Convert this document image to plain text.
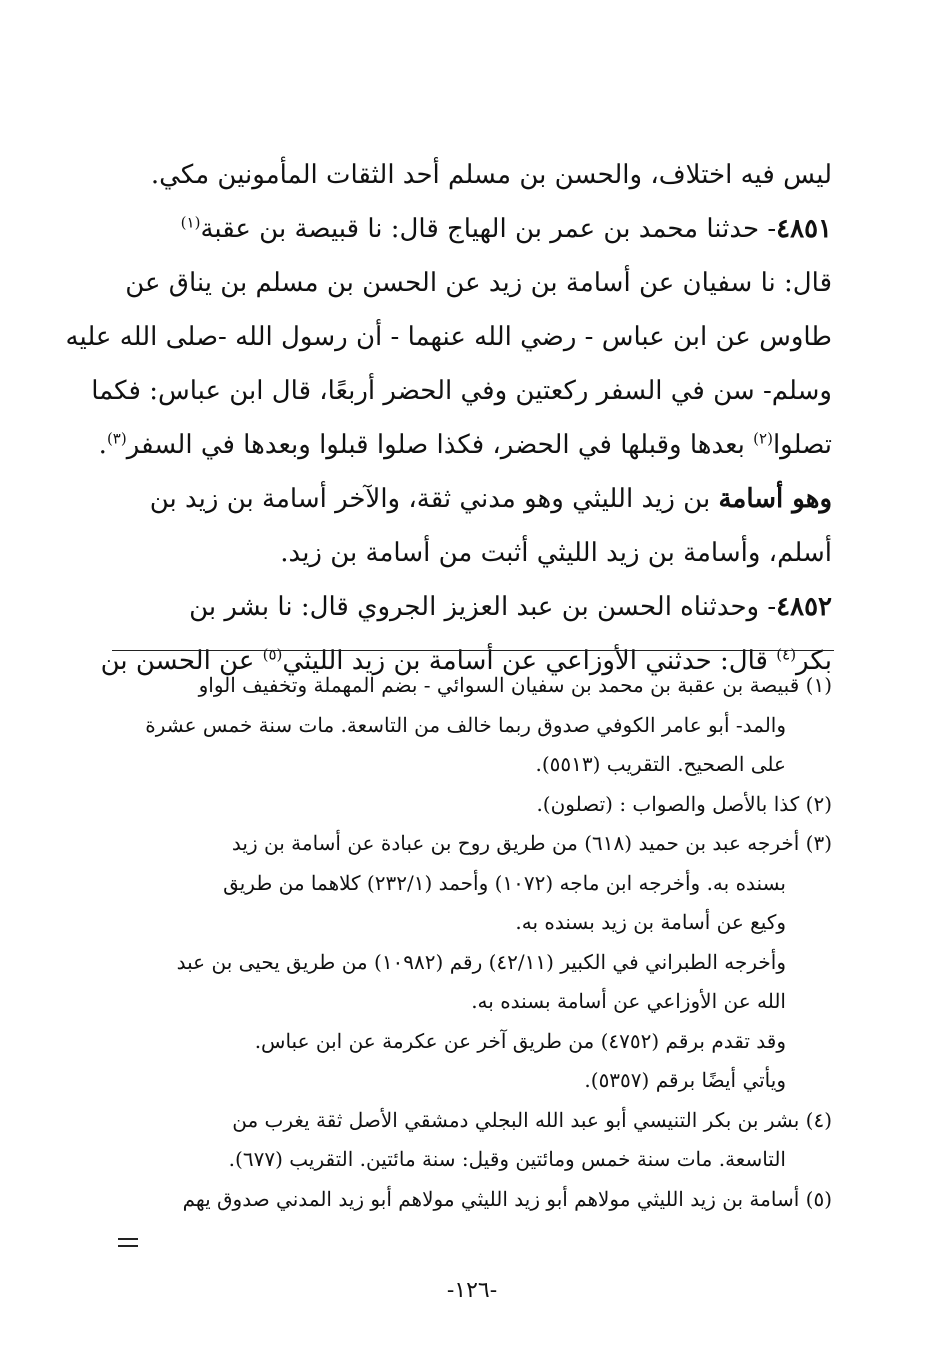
ليس فيه اختلاف، والحسن بن مسلم أحد الثقات المأمونين مكي.
٤٨٥١- حدثنا محمد بن عمر بن الهياج قال: نا قبيصة بن عقبة$^{(١)}$
قال: نا سفيان عن أسامة بن زيد عن الحسن بن مسلم بن يناق عن
طاوس عن ابن عباس - رضي الله عنهما - أن رسول الله -صلى الله عليه
وسلم- سن في السفر ركعتين وفي الحضر أربعًا، قال ابن عباس: فكما
تصلوا$^{(٢)}$ بعدها وقبلها في الحضر، فكذا صلوا قبلوا وبعدها في السفر$^{(٣)}$.
وهو أسامة بن زيد الليثي وهو مدني ثقة، والآخر أسامة بن زيد بن
أسلم، وأسامة بن زيد الليثي أثبت من أسامة بن زيد.
٤٨٥٢- وحدثناه الحسن بن عبد العزيز الجروي قال: نا بشر بن
بكر$^{(٤)}$ قال: حدثني الأوزاعي عن أسامة بن زيد الليثي$^{(٥)}$ عن الحسن بن
(١) قبيصة بن عقبة بن محمد بن سفيان السوائي - بضم المهملة وتخفيف الواو
والمد- أبو عامر الكوفي صدوق ربما خالف من التاسعة. مات سنة خمس عشرة
على الصحيح. التقريب (٥٥١٣).
(٢) كذا بالأصل والصواب : (تصلون).
(٣) أخرجه عبد بن حميد (٦١٨) من طريق روح بن عبادة عن أسامة بن زيد
بسنده به. وأخرجه ابن ماجه (١٠٧٢) وأحمد (٢٣٢/١) كلاهما من طريق
وكيع عن أسامة بن زيد بسنده به.
وأخرجه الطبراني في الكبير (٤٢/١١) رقم (١٠٩٨٢) من طريق يحيى بن عبد
الله عن الأوزاعي عن أسامة بسنده به.
وقد تقدم برقم (٤٧٥٢) من طريق آخر عن عكرمة عن ابن عباس.
ويأتي أيضًا برقم (٥٣٥٧).
(٤) بشر بن بكر التنيسي أبو عبد الله البجلي دمشقي الأصل ثقة يغرب من
التاسعة. مات سنة خمس ومائتين وقيل: سنة مائتين. التقريب (٦٧٧).
(٥) أسامة بن زيد الليثي مولاهم أبو زيد الليثي مولاهم أبو زيد المدني صدوق يهم
-١٢٦-
